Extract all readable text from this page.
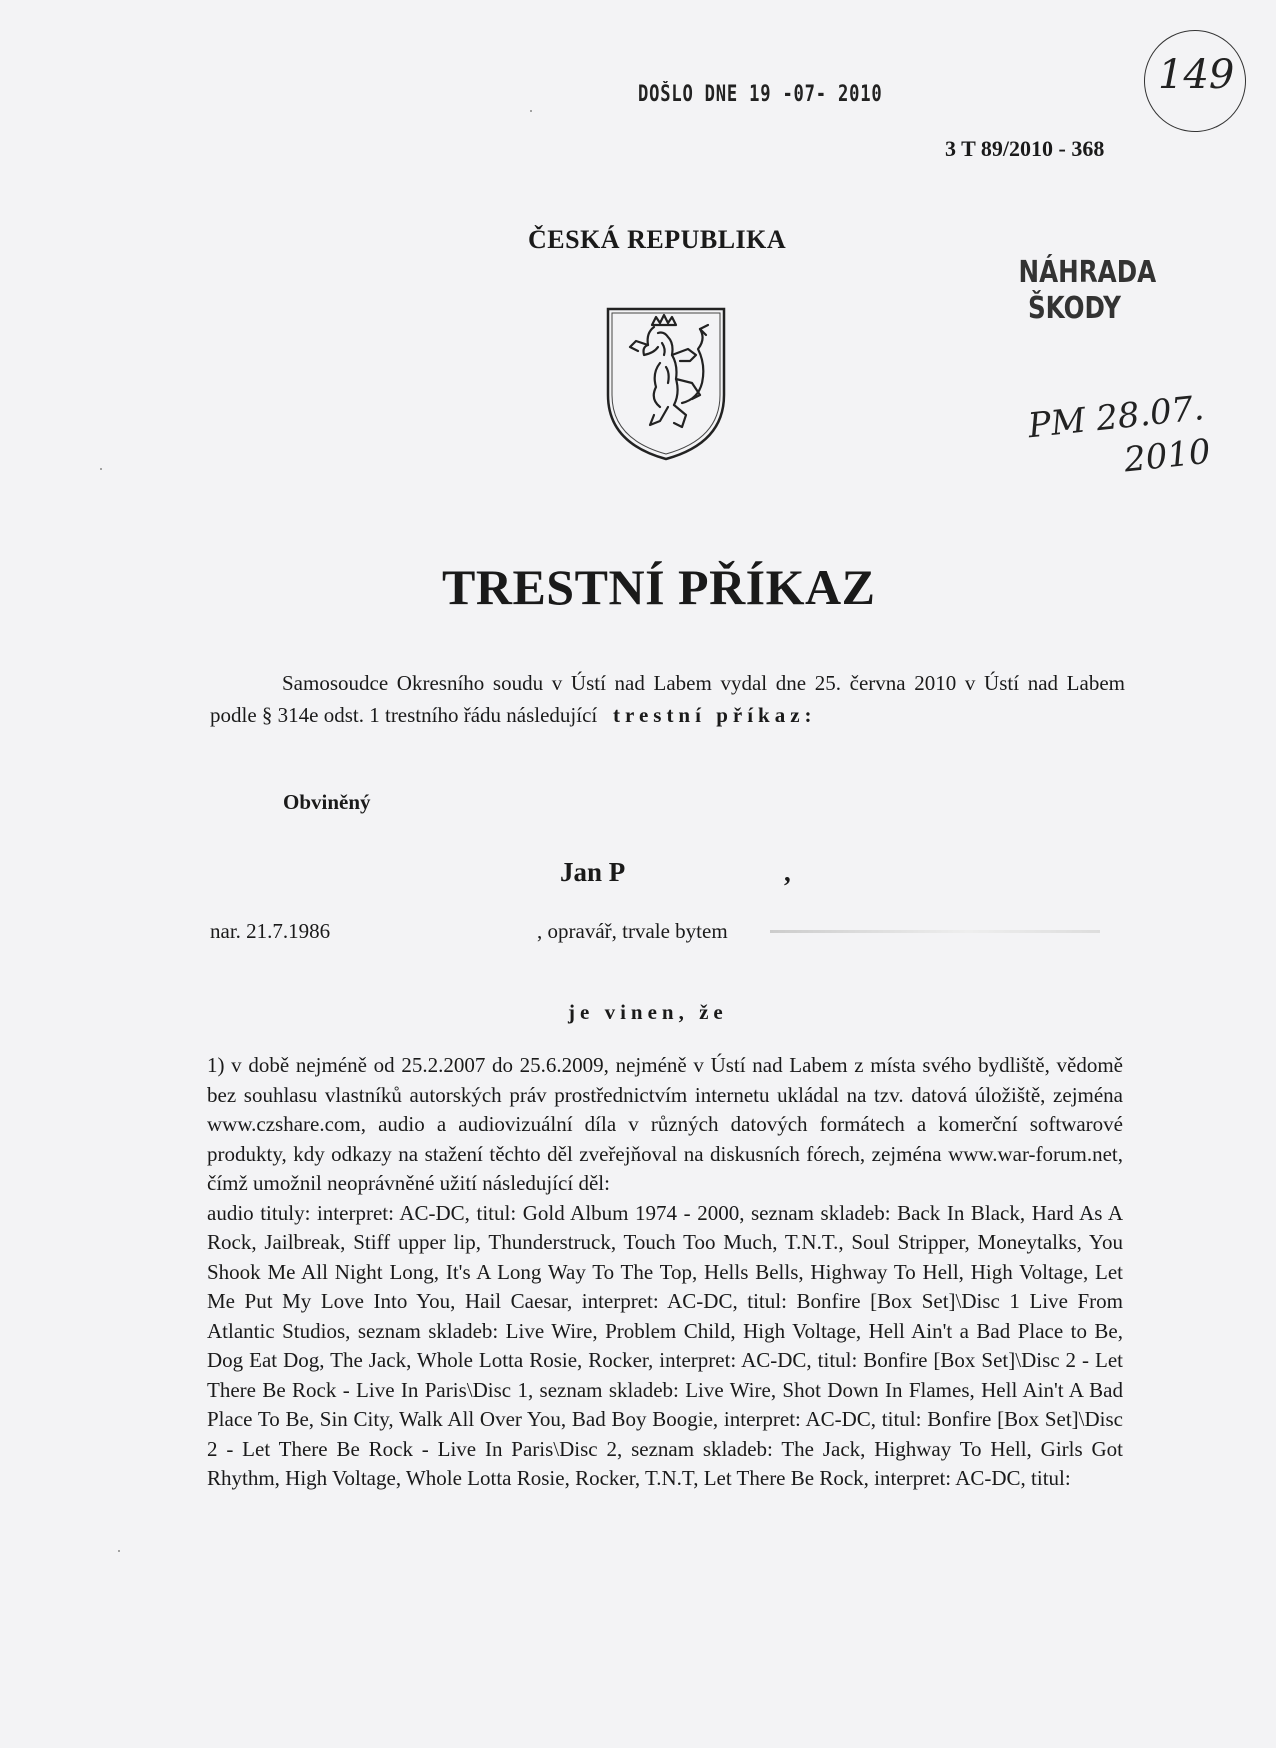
DOŠLO DNE 19 -07- 2010	149
3 T 89/2010 - 368
ČESKÁ REPUBLIKA
NÁHRADA
ŠKODY
PM 28.07.
2010
TRESTNÍ PŘÍKAZ
Samosoudce Okresního soudu v Ústí nad Labem vydal dne 25. června 2010 v Ústí nad Labem podle § 314e odst. 1 trestního řádu následující trestní příkaz:
Obviněný
Jan P	,
nar. 21.7.1986	, opravář, trvale bytem
je vinen, že

1) v době nejméně od 25.2.2007 do 25.6.2009, nejméně v Ústí nad Labem z místa svého bydliště, vědomě bez souhlasu vlastníků autorských práv prostřednictvím internetu ukládal na tzv. datová úložiště, zejména www.czshare.com, audio a audiovizuální díla v různých datových formátech a komerční softwarové produkty, kdy odkazy na stažení těchto děl zveřejňoval na diskusních fórech, zejména www.war-forum.net, čímž umožnil neoprávněné užití následující děl:

audio tituly: interpret: AC-DC, titul: Gold Album 1974 - 2000, seznam skladeb: Back In Black, Hard As A Rock, Jailbreak, Stiff upper lip, Thunderstruck, Touch Too Much, T.N.T., Soul Stripper, Moneytalks, You Shook Me All Night Long, It's A Long Way To The Top, Hells Bells, Highway To Hell, High Voltage, Let Me Put My Love Into You, Hail Caesar, interpret: AC-DC, titul: Bonfire [Box Set]\Disc 1 Live From Atlantic Studios, seznam skladeb: Live Wire, Problem Child, High Voltage, Hell Ain't a Bad Place to Be, Dog Eat Dog, The Jack, Whole Lotta Rosie, Rocker, interpret: AC-DC, titul: Bonfire [Box Set]\Disc 2 - Let There Be Rock - Live In Paris\Disc 1, seznam skladeb: Live Wire, Shot Down In Flames, Hell Ain't A Bad Place To Be, Sin City, Walk All Over You, Bad Boy Boogie, interpret: AC-DC, titul: Bonfire [Box Set]\Disc 2 - Let There Be Rock - Live In Paris\Disc 2, seznam skladeb: The Jack, Highway To Hell, Girls Got Rhythm, High Voltage, Whole Lotta Rosie, Rocker, T.N.T, Let There Be Rock, interpret: AC-DC, titul:
